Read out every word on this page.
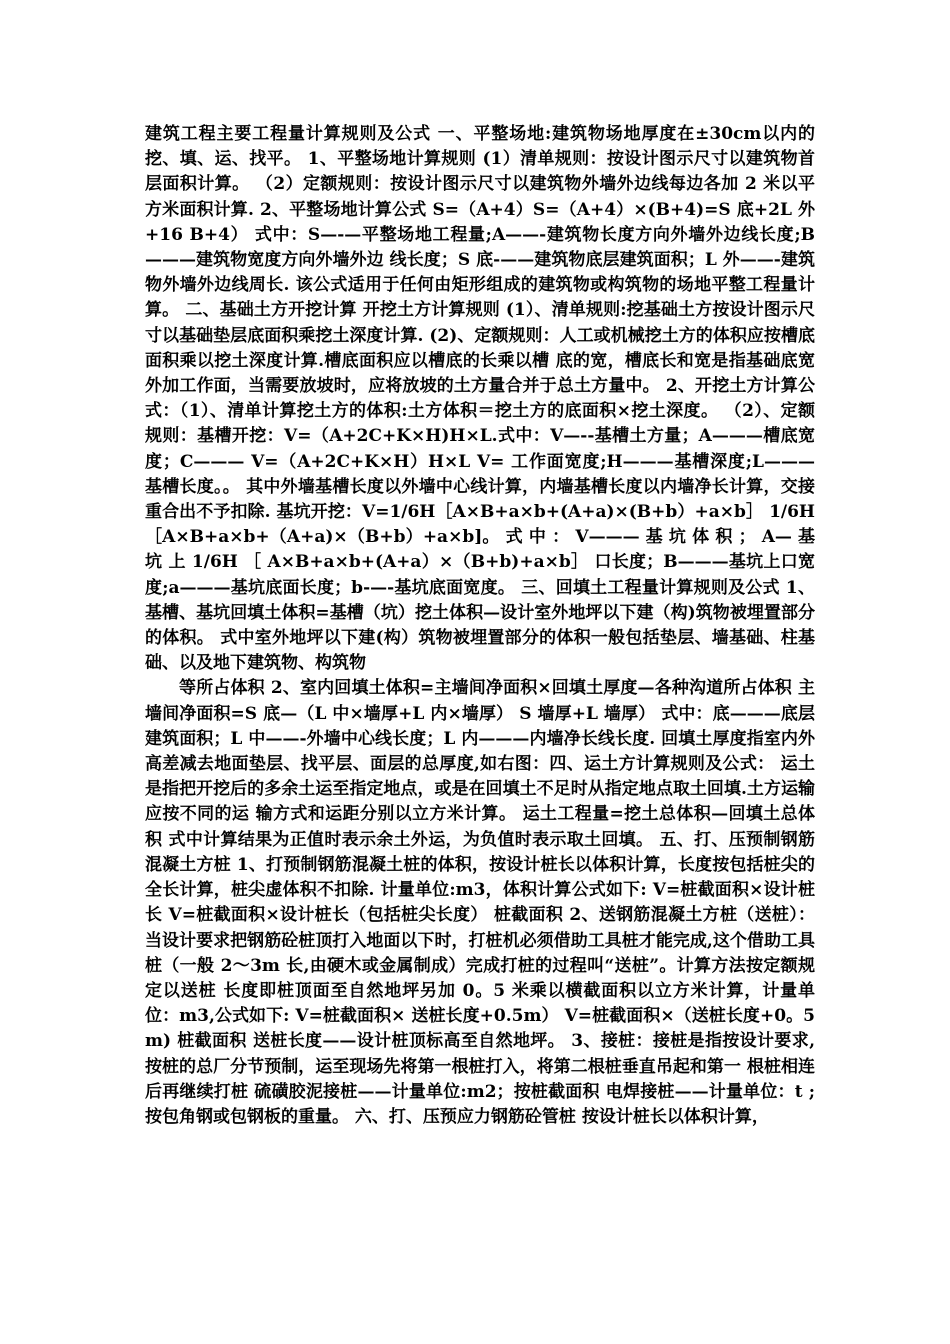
建筑工程主要工程量计算规则及公式 一、平整场地:建筑物场地厚度在±30cm以内的挖、填、运、找平。 1、平整场地计算规则 (1）清单规则：按设计图示尺寸以建筑物首层面积计算。 （2）定额规则：按设计图示尺寸以建筑物外墙外边线每边各加 2 米以平方米面积计算. 2、平整场地计算公式 S=（A+4）S=（A+4）×(B+4)=S 底+2L 外+16 B+4） 式中：S—-—平整场地工程量;A——-建筑物长度方向外墙外边线长度;B———建筑物宽度方向外墙外边 线长度；S 底-——建筑物底层建筑面积；L 外——-建筑物外墙外边线周长. 该公式适用于任何由矩形组成的建筑物或构筑物的场地平整工程量计算。 二、基础土方开挖计算 开挖土方计算规则 (1）、清单规则:挖基础土方按设计图示尺寸以基础垫层底面积乘挖土深度计算. (2)、定额规则：人工或机械挖土方的体积应按槽底面积乘以挖土深度计算.槽底面积应以槽底的长乘以槽 底的宽，槽底长和宽是指基础底宽外加工作面，当需要放坡时，应将放坡的土方量合并于总土方量中。 2、开挖土方计算公式：（1）、清单计算挖土方的体积:土方体积＝挖土方的底面积×挖土深度。 （2）、定额规则：基槽开挖：V=（A+2C+K×H)H×L.式中：V—--基槽土方量；A———槽底宽度；C——— V=（A+2C+K×H）H×L V= 工作面宽度;H———基槽深度;L———基槽长度。。 其中外墙基槽长度以外墙中心线计算，内墙基槽长度以内墙净长计算，交接重合出不予扣除. 基坑开挖：V=1/6H［A×B+a×b+(A+a)×(B+b）+a×b］ 1/6H［A×B+a×b+（A+a)×（B+b）+a×b]。 式 中 ： V——— 基 坑 体 积 ； A— 基 坑 上 1/6H ［ A×B+a×b+(A+a）×（B+b)+a×b］ 口长度；B———基坑上口宽度;a———基坑底面长度；b-—-基坑底面宽度。 三、回填土工程量计算规则及公式 1、基槽、基坑回填土体积=基槽（坑）挖土体积—设计室外地坪以下建（构)筑物被埋置部分的体积。 式中室外地坪以下建(构）筑物被埋置部分的体积一般包括垫层、墙基础、柱基础、以及地下建筑物、构筑物

等所占体积 2、室内回填土体积=主墙间净面积×回填土厚度—各种沟道所占体积 主墙间净面积=S 底—（L 中×墙厚+L 内×墙厚） S 墙厚+L 墙厚） 式中：底———底层建筑面积；L 中——-外墙中心线长度；L 内———内墙净长线长度. 回填土厚度指室内外高差减去地面垫层、找平层、面层的总厚度,如右图：四、运土方计算规则及公式： 运土是指把开挖后的多余土运至指定地点，或是在回填土不足时从指定地点取土回填.土方运输应按不同的运 输方式和运距分别以立方米计算。 运土工程量=挖土总体积—回填土总体积 式中计算结果为正值时表示余土外运，为负值时表示取土回填。 五、打、压预制钢筋混凝土方桩 1、打预制钢筋混凝土桩的体积，按设计桩长以体积计算，长度按包括桩尖的全长计算，桩尖虚体积不扣除. 计量单位:m3，体积计算公式如下: V=桩截面积×设计桩长 V=桩截面积×设计桩长（包括桩尖长度） 桩截面积 2、送钢筋混凝土方桩（送桩）：当设计要求把钢筋砼桩顶打入地面以下时，打桩机必须借助工具桩才能完成,这个借助工具桩（一般 2～3m 长,由硬木或金属制成）完成打桩的过程叫“送桩”。计算方法按定额规定以送桩 长度即桩顶面至自然地坪另加 0。5 米乘以横截面积以立方米计算，计量单位：m3,公式如下: V=桩截面积× 送桩长度+0.5m） V=桩截面积×（送桩长度+0。5m) 桩截面积 送桩长度——设计桩顶标高至自然地坪。 3、接桩：接桩是指按设计要求,按桩的总厂分节预制，运至现场先将第一根桩打入，将第二根桩垂直吊起和第一 根桩相连后再继续打桩 硫磺胶泥接桩——计量单位:m2；按桩截面积 电焊接桩——计量单位：t ;按包角钢或包钢板的重量。 六、打、压预应力钢筋砼管桩 按设计桩长以体积计算，
